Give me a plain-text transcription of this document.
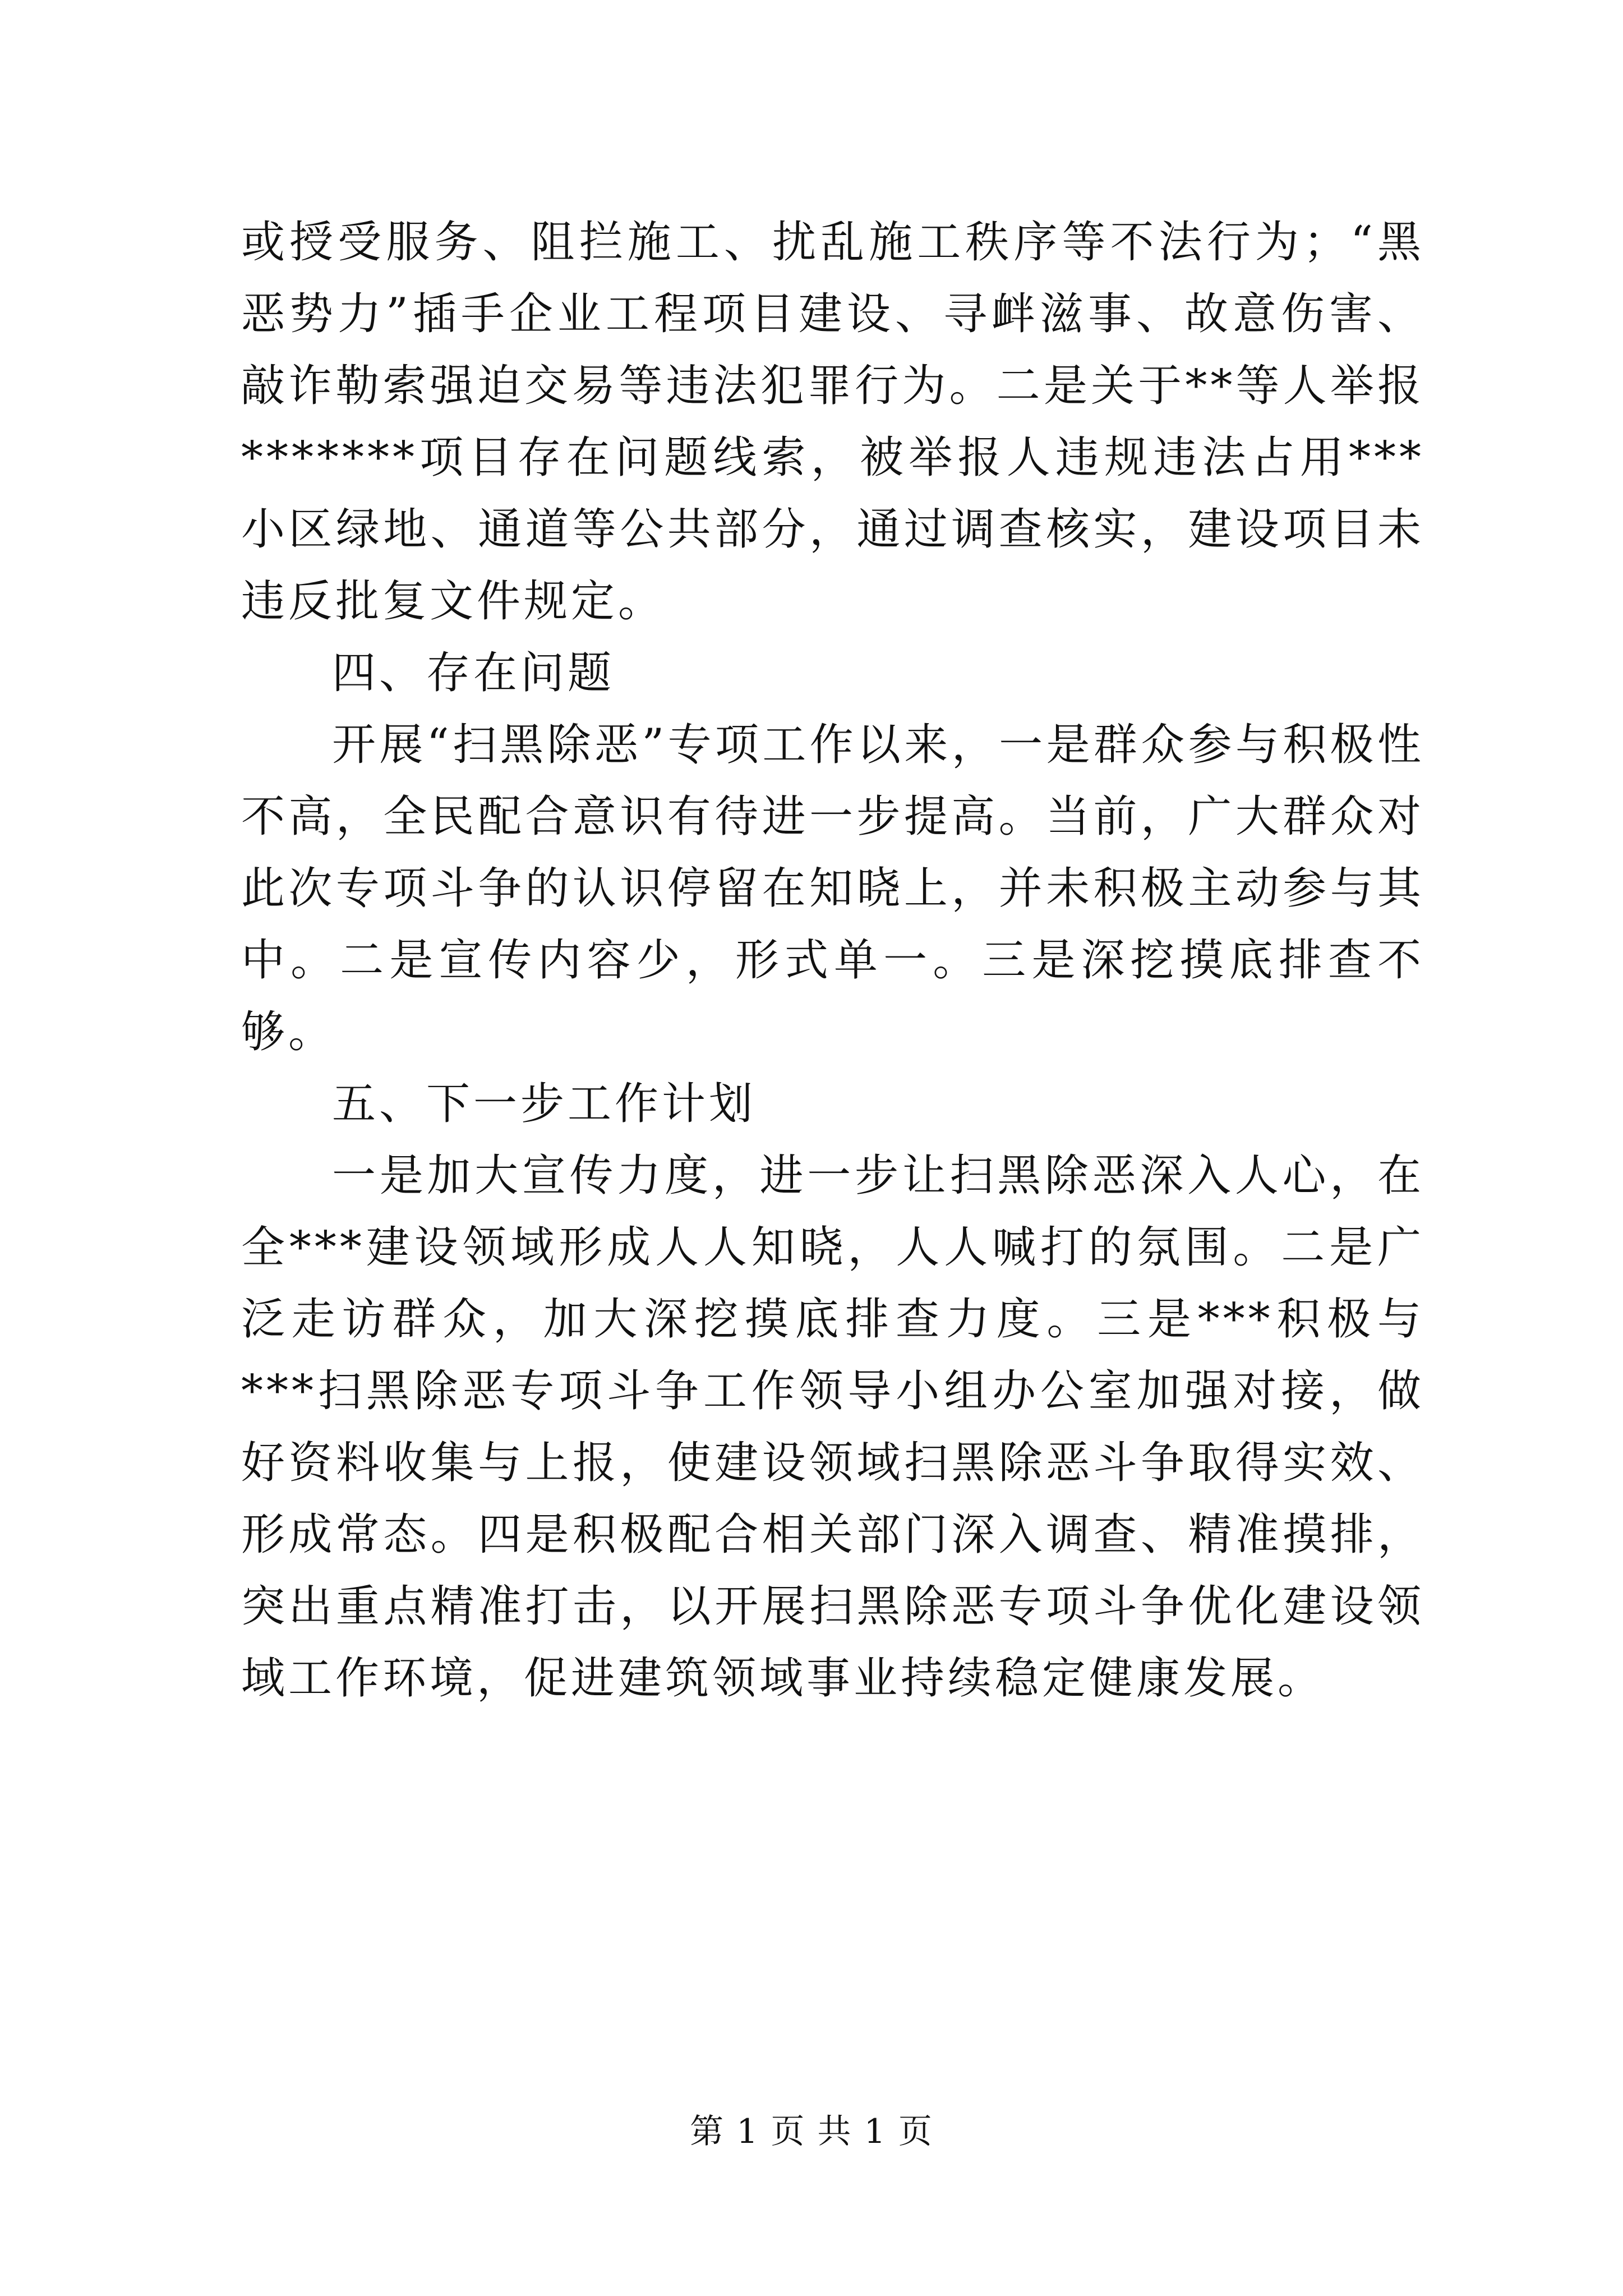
或授受服务、阻拦施工、扰乱施工秩序等不法行为；“黑恶势力”插手企业工程项目建设、寻衅滋事、故意伤害、敲诈勒索强迫交易等违法犯罪行为。二是关于**等人举报*******项目存在问题线索，被举报人违规违法占用***小区绿地、通道等公共部分，通过调查核实，建设项目未违反批复文件规定。

四、存在问题

开展“扫黑除恶”专项工作以来，一是群众参与积极性不高，全民配合意识有待进一步提高。当前，广大群众对此次专项斗争的认识停留在知晓上，并未积极主动参与其中。二是宣传内容少，形式单一。三是深挖摸底排查不够。

五、下一步工作计划

一是加大宣传力度，进一步让扫黑除恶深入人心，在全***建设领域形成人人知晓，人人喊打的氛围。二是广泛走访群众，加大深挖摸底排查力度。三是***积极与***扫黑除恶专项斗争工作领导小组办公室加强对接，做好资料收集与上报，使建设领域扫黑除恶斗争取得实效、形成常态。四是积极配合相关部门深入调查、精准摸排，突出重点精准打击，以开展扫黑除恶专项斗争优化建设领域工作环境，促进建筑领域事业持续稳定健康发展。

第 1 页 共 1 页
